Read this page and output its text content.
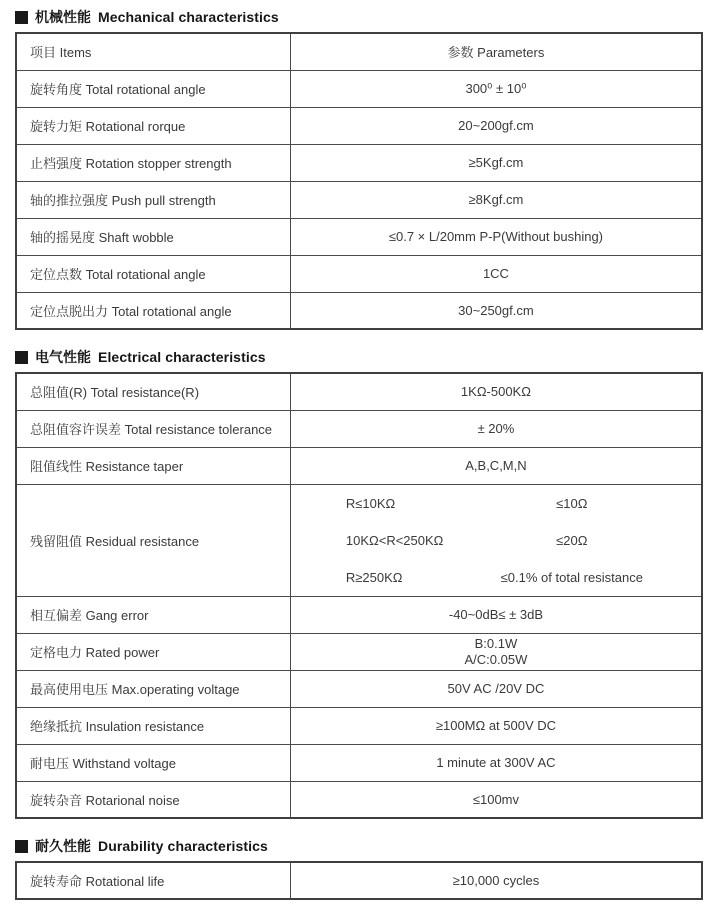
机械性能 Mechanical characteristics
项目 Items	参数 Parameters
旋转角度 Total rotational angle	300⁰ ± 10⁰
旋转力矩 Rotational rorque	20~200gf.cm
止档强度 Rotation stopper strength	≥5Kgf.cm
轴的推拉强度 Push pull strength	≥8Kgf.cm
轴的摇晃度 Shaft wobble	≤0.7 × L/20mm P-P(Without bushing)
定位点数 Total rotational angle	1CC
定位点脱出力 Total rotational angle	30~250gf.cm
电气性能 Electrical characteristics
总阻值(R) Total resistance(R)	1KΩ-500KΩ
总阻值容许误差 Total resistance tolerance	± 20%
阻值线性 Resistance taper	A,B,C,M,N
残留阻值 Residual resistance	
R≤10KΩ	≤10Ω
10KΩ<R<250KΩ	≤20Ω
R≥250KΩ	≤0.1% of total resistance

相互偏差 Gang error	-40~0dB≤ ± 3dB
定格电力 Rated power	B:0.1W
A/C:0.05W

最高使用电压 Max.operating voltage	50V AC /20V DC
绝缘抵抗 Insulation resistance	≥100MΩ at 500V DC
耐电压 Withstand voltage	1 minute at 300V AC
旋转杂音 Rotarional noise	≤100mv
耐久性能 Durability characteristics
旋转寿命 Rotational life	≥10,000 cycles
